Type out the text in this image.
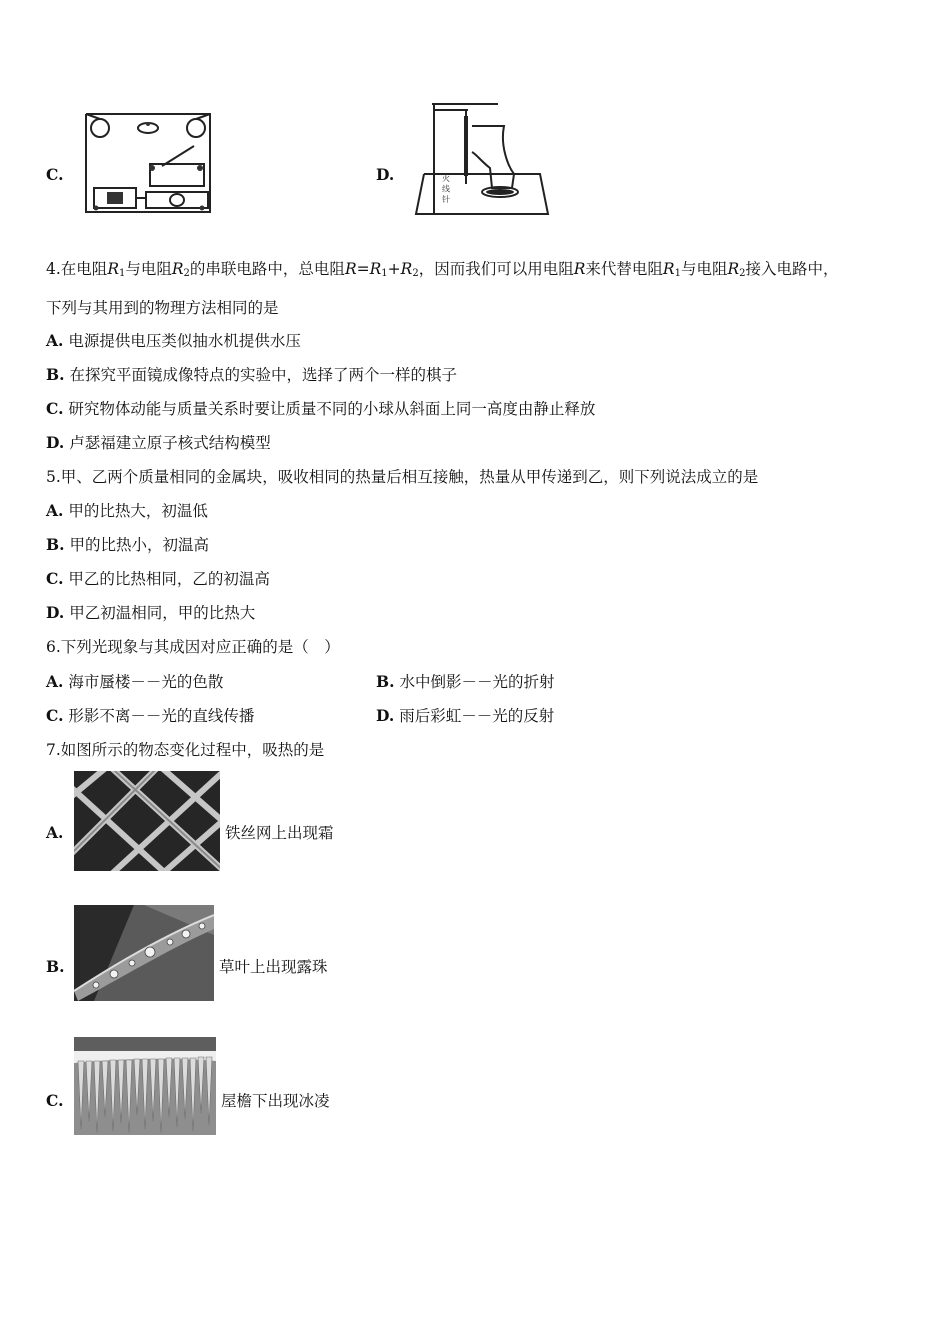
C.	D.	火 线 针
4.在电阻$R_1$与电阻$R_2$的串联电路中，总电阻$R=R_1+R_2$，因而我们可以用电阻R来代替电阻$R_1$与电阻$R_2$接入电路中，
下列与其用到的物理方法相同的是
A. 电源提供电压类似抽水机提供水压
B. 在探究平面镜成像特点的实验中，选择了两个一样的棋子
C. 研究物体动能与质量关系时要让质量不同的小球从斜面上同一高度由静止释放
D. 卢瑟福建立原子核式结构模型
5.甲、乙两个质量相同的金属块，吸收相同的热量后相互接触，热量从甲传递到乙，则下列说法成立的是
A. 甲的比热大，初温低
B. 甲的比热小，初温高
C. 甲乙的比热相同，乙的初温高
D. 甲乙初温相同，甲的比热大
6.下列光现象与其成因对应正确的是（　）
A. 海市蜃楼－－光的色散	B. 水中倒影－－光的折射
C. 形影不离－－光的直线传播	D. 雨后彩虹－－光的反射
7.如图所示的物态变化过程中，吸热的是
A.	铁丝网上出现霜
B.	草叶上出现露珠
C.	屋檐下出现冰凌
